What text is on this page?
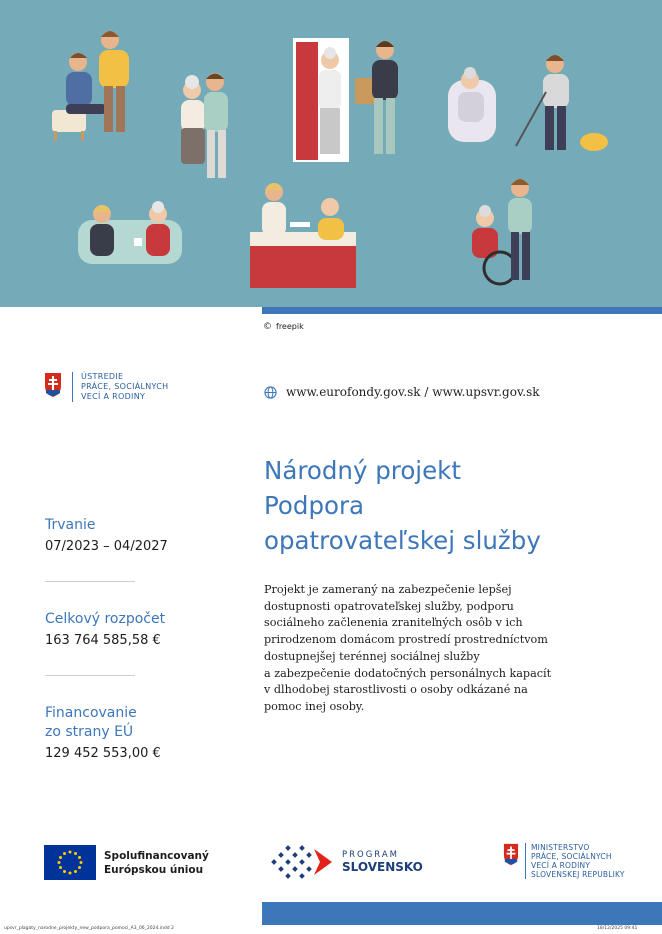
© freepik
ÚSTREDIE
PRÁCE, SOCIÁLNYCH
VECÍ A RODINY	www.eurofondy.gov.sk / www.upsvr.gov.sk
Národný projekt
Podpora
opatrovateľskej služby
Projekt je zameraný na zabezpečenie lepšej
dostupnosti opatrovateľskej služby, podporu
sociálneho začlenenia zraniteľných osôb v ich
prirodzenom domácom prostredí prostredníctvom
dostupnejšej terénnej sociálnej služby
a zabezpečenie dodatočných personálnych kapacít
v dlhodobej starostlivosti o osoby odkázané na
pomoc inej osoby.
Trvanie
07/2023 – 04/2027
Celkový rozpočet
163 764 585,58 €
Financovanie
zo strany EÚ
129 452 553,00 €
Spolufinancovaný
Európskou úniou
PROGRAM
SLOVENSKO
MINISTERSTVO
PRÁCE, SOCIÁLNYCH
VECÍ A RODINY
SLOVENSKEJ REPUBLIKY
upsvr_plagaty_narodne_projekty_new_podpora_pomoci_A3_06_2024.indd 2	18/12/2025 09:41
